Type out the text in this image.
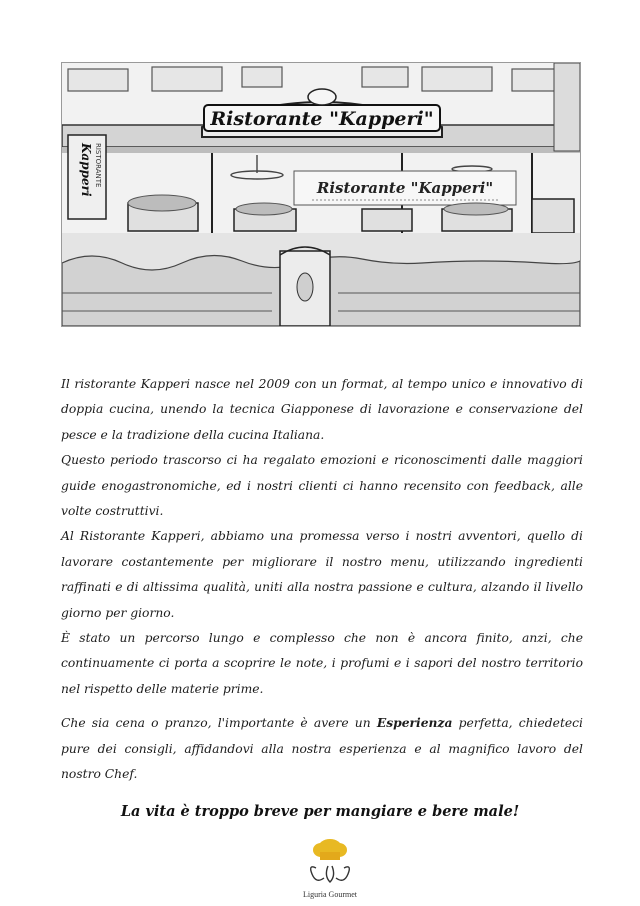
Ristorante "Kapperi"
Kapperi RISTORANTE
Ristorante "Kapperi"

Il ristorante Kapperi nasce nel 2009 con un format, al tempo unico e innovativo di doppia cucina, unendo la tecnica Giapponese di lavorazione e conservazione del pesce e la tradizione della cucina Italiana.

Questo periodo trascorso ci ha regalato emozioni e riconoscimenti dalle maggiori guide enogastronomiche, ed i nostri clienti ci hanno recensito con feedback, alle volte costruttivi.

Al Ristorante Kapperi, abbiamo una promessa verso i nostri avventori, quello di lavorare costantemente per migliorare il nostro menu, utilizzando ingredienti raffinati e di altissima qualità, uniti alla nostra passione e cultura, alzando il livello giorno per giorno.

È stato un percorso lungo e complesso che non è ancora finito, anzi, che continuamente ci porta a scoprire le note, i profumi e i sapori del nostro territorio nel rispetto delle materie prime.

Che sia cena o pranzo, l'importante è avere un Esperienza perfetta, chiedeteci pure dei consigli, affidandovi alla nostra esperienza e al magnifico lavoro del nostro Chef.

La vita è troppo breve per mangiare e bere male!
Liguria Gourmet
